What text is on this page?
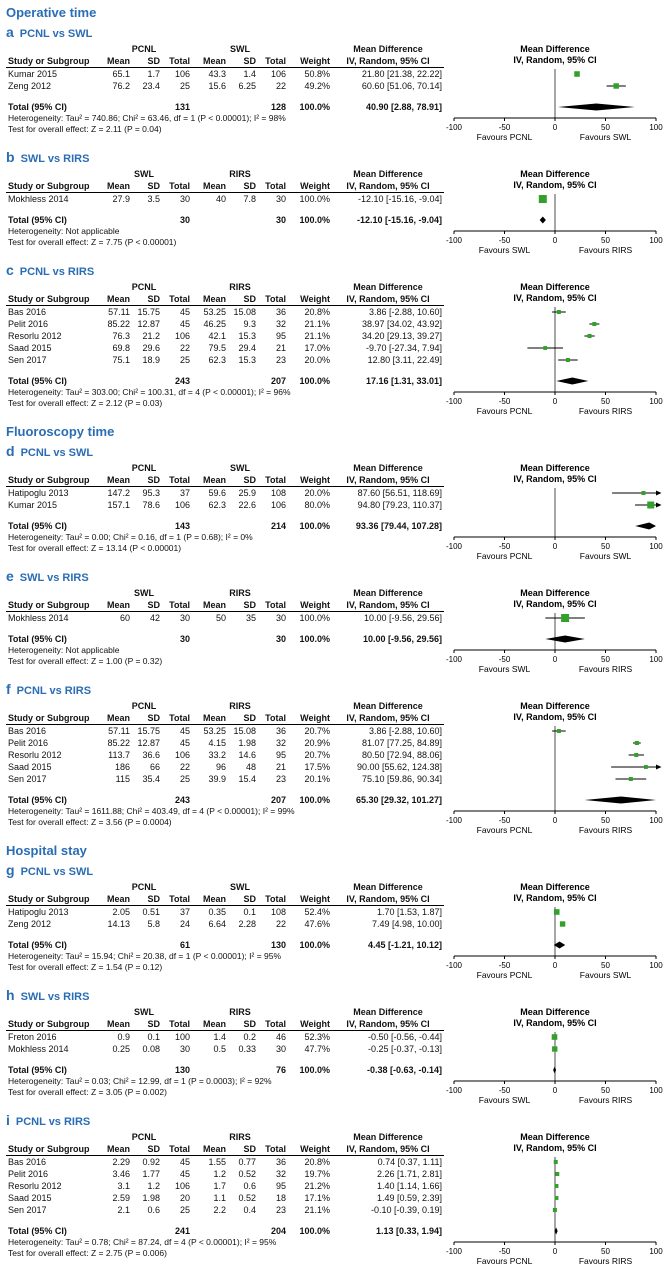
Operative time
a PCNL vs SWL
	PCNL			SWL				Mean Difference
Study or Subgroup	Mean	SD	Total	Mean	SD	Total	Weight	IV, Random, 95% CI
Kumar 2015	65.1	1.7	106	43.3	1.4	106	50.8%	21.80 [21.38, 22.22]
Zeng 2012	76.2	23.4	25	15.6	6.25	22	49.2%	60.60 [51.06, 70.14]

Total (95% CI)			131			128	100.0%	40.90 [2.88, 78.91]
Heterogeneity: Tau² = 740.86; Chi² = 63.46, df = 1 (P < 0.00001); I² = 98%								
Test for overall effect: Z = 2.11 (P = 0.04)								
Mean Difference
IV, Random, 95% CI
-100	-50	0	50	100
Favours PCNL	Favours SWL
b SWL vs RIRS
	SWL			RIRS				Mean Difference
Study or Subgroup	Mean	SD	Total	Mean	SD	Total	Weight	IV, Random, 95% CI
Mokhless 2014	27.9	3.5	30	40	7.8	30	100.0%	-12.10 [-15.16, -9.04]

Total (95% CI)			30			30	100.0%	-12.10 [-15.16, -9.04]
Heterogeneity: Not applicable								
Test for overall effect: Z = 7.75 (P < 0.00001)								
Mean Difference
IV, Random, 95% CI
-100	-50	0	50	100
Favours SWL	Favours RIRS
c PCNL vs RIRS
	PCNL			RIRS				Mean Difference
Study or Subgroup	Mean	SD	Total	Mean	SD	Total	Weight	IV, Random, 95% CI
Bas 2016	57.11	15.75	45	53.25	15.08	36	20.8%	3.86 [-2.88, 10.60]
Pelit 2016	85.22	12.87	45	46.25	9.3	32	21.1%	38.97 [34.02, 43.92]
Resorlu 2012	76.3	21.2	106	42.1	15.3	95	21.1%	34.20 [29.13, 39.27]
Saad 2015	69.8	29.6	22	79.5	29.4	21	17.0%	-9.70 [-27.34, 7.94]
Sen 2017	75.1	18.9	25	62.3	15.3	23	20.0%	12.80 [3.11, 22.49]

Total (95% CI)			243			207	100.0%	17.16 [1.31, 33.01]
Heterogeneity: Tau² = 303.00; Chi² = 100.31, df = 4 (P < 0.00001); I² = 96%								
Test for overall effect: Z = 2.12 (P = 0.03)								
Mean Difference
IV, Random, 95% CI
-100	-50	0	50	100
Favours PCNL	Favours RIRS
Fluoroscopy time
d PCNL vs SWL
	PCNL			SWL				Mean Difference
Study or Subgroup	Mean	SD	Total	Mean	SD	Total	Weight	IV, Random, 95% CI
Hatipoglu 2013	147.2	95.3	37	59.6	25.9	108	20.0%	87.60 [56.51, 118.69]
Kumar 2015	157.1	78.6	106	62.3	22.6	106	80.0%	94.80 [79.23, 110.37]

Total (95% CI)			143			214	100.0%	93.36 [79.44, 107.28]
Heterogeneity: Tau² = 0.00; Chi² = 0.16, df = 1 (P = 0.68); I² = 0%								
Test for overall effect: Z = 13.14 (P < 0.00001)								
Mean Difference
IV, Random, 95% CI
-100	-50	0	50	100
Favours PCNL	Favours SWL
e SWL vs RIRS
	SWL			RIRS				Mean Difference
Study or Subgroup	Mean	SD	Total	Mean	SD	Total	Weight	IV, Random, 95% CI
Mokhless 2014	60	42	30	50	35	30	100.0%	10.00 [-9.56, 29.56]

Total (95% CI)			30			30	100.0%	10.00 [-9.56, 29.56]
Heterogeneity: Not applicable								
Test for overall effect: Z = 1.00 (P = 0.32)								
Mean Difference
IV, Random, 95% CI
-100	-50	0	50	100
Favours SWL	Favours RIRS
f PCNL vs RIRS
	PCNL			RIRS				Mean Difference
Study or Subgroup	Mean	SD	Total	Mean	SD	Total	Weight	IV, Random, 95% CI
Bas 2016	57.11	15.75	45	53.25	15.08	36	20.7%	3.86 [-2.88, 10.60]
Pelit 2016	85.22	12.87	45	4.15	1.98	32	20.9%	81.07 [77.25, 84.89]
Resorlu 2012	113.7	36.6	106	33.2	14.6	95	20.7%	80.50 [72.94, 88.06]
Saad 2015	186	66	22	96	48	21	17.5%	90.00 [55.62, 124.38]
Sen 2017	115	35.4	25	39.9	15.4	23	20.1%	75.10 [59.86, 90.34]

Total (95% CI)			243			207	100.0%	65.30 [29.32, 101.27]
Heterogeneity: Tau² = 1611.88; Chi² = 403.49, df = 4 (P < 0.00001); I² = 99%								
Test for overall effect: Z = 3.56 (P = 0.0004)								
Mean Difference
IV, Random, 95% CI
-100	-50	0	50	100
Favours PCNL	Favours RIRS
Hospital stay
g PCNL vs SWL
	PCNL			SWL				Mean Difference
Study or Subgroup	Mean	SD	Total	Mean	SD	Total	Weight	IV, Random, 95% CI
Hatipoglu 2013	2.05	0.51	37	0.35	0.1	108	52.4%	1.70 [1.53, 1.87]
Zeng 2012	14.13	5.8	24	6.64	2.28	22	47.6%	7.49 [4.98, 10.00]

Total (95% CI)			61			130	100.0%	4.45 [-1.21, 10.12]
Heterogeneity: Tau² = 15.94; Chi² = 20.38, df = 1 (P < 0.00001); I² = 95%								
Test for overall effect: Z = 1.54 (P = 0.12)								
Mean Difference
IV, Random, 95% CI
-100	-50	0	50	100
Favours PCNL	Favours SWL
h SWL vs RIRS
	SWL			RIRS				Mean Difference
Study or Subgroup	Mean	SD	Total	Mean	SD	Total	Weight	IV, Random, 95% CI
Freton 2016	0.9	0.1	100	1.4	0.2	46	52.3%	-0.50 [-0.56, -0.44]
Mokhless 2014	0.25	0.08	30	0.5	0.33	30	47.7%	-0.25 [-0.37, -0.13]

Total (95% CI)			130			76	100.0%	-0.38 [-0.63, -0.14]
Heterogeneity: Tau² = 0.03; Chi² = 12.99, df = 1 (P = 0.0003); I² = 92%								
Test for overall effect: Z = 3.05 (P = 0.002)								
Mean Difference
IV, Random, 95% CI
-100	-50	0	50	100
Favours SWL	Favours RIRS
i PCNL vs RIRS
	PCNL			RIRS				Mean Difference
Study or Subgroup	Mean	SD	Total	Mean	SD	Total	Weight	IV, Random, 95% CI
Bas 2016	2.29	0.92	45	1.55	0.77	36	20.8%	0.74 [0.37, 1.11]
Pelit 2016	3.46	1.77	45	1.2	0.52	32	19.7%	2.26 [1.71, 2.81]
Resorlu 2012	3.1	1.2	106	1.7	0.6	95	21.2%	1.40 [1.14, 1.66]
Saad 2015	2.59	1.98	20	1.1	0.52	18	17.1%	1.49 [0.59, 2.39]
Sen 2017	2.1	0.6	25	2.2	0.4	23	21.1%	-0.10 [-0.39, 0.19]

Total (95% CI)			241			204	100.0%	1.13 [0.33, 1.94]
Heterogeneity: Tau² = 0.78; Chi² = 87.24, df = 4 (P < 0.00001); I² = 95%								
Test for overall effect: Z = 2.75 (P = 0.006)								
Mean Difference
IV, Random, 95% CI
-100	-50	0	50	100
Favours PCNL	Favours RIRS
